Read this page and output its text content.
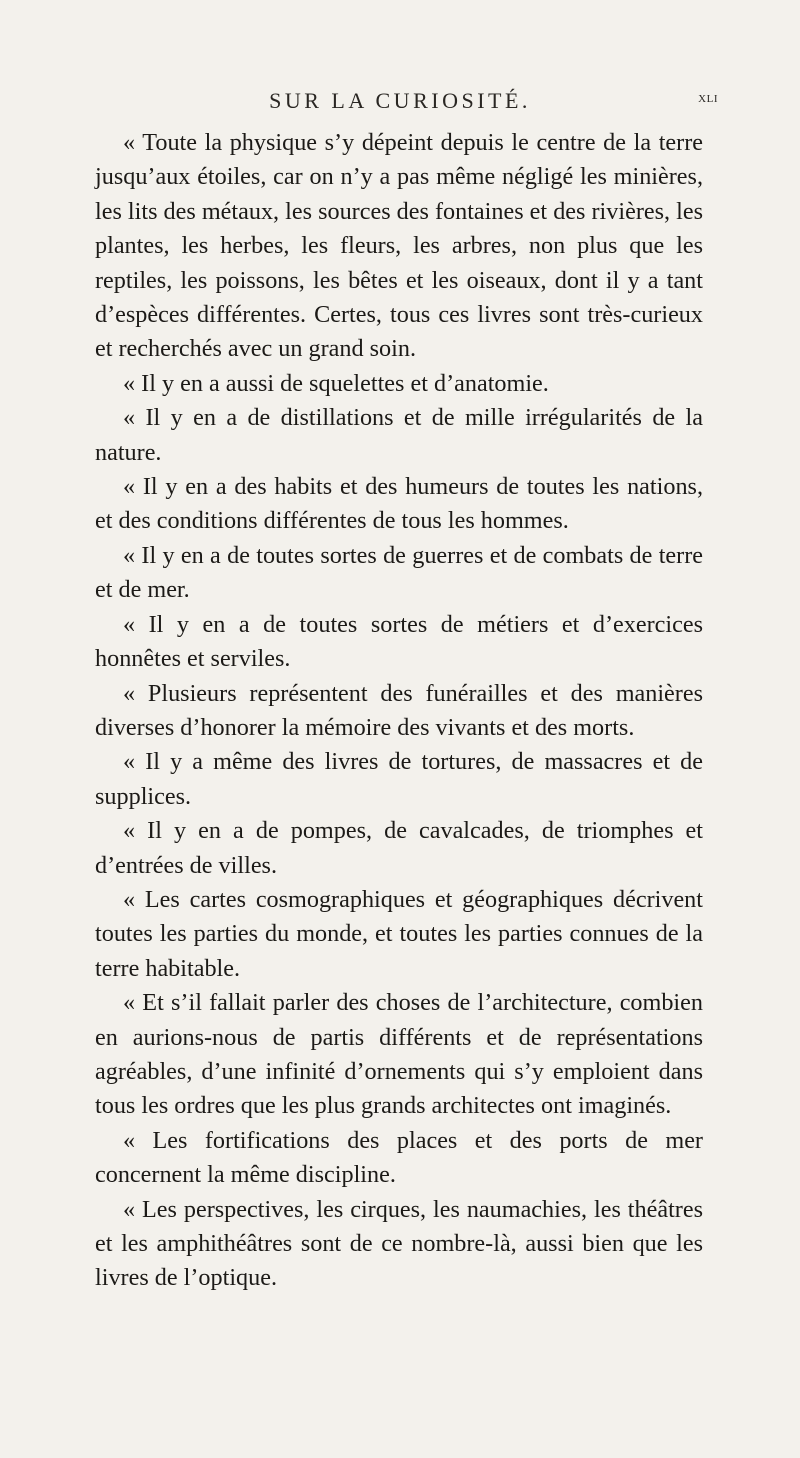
SUR LA CURIOSITÉ.	xli

« Toute la physique s’y dépeint depuis le centre de la terre jusqu’aux étoiles, car on n’y a pas même négligé les minières, les lits des métaux, les sources des fontaines et des rivières, les plantes, les herbes, les fleurs, les arbres, non plus que les reptiles, les poissons, les bêtes et les oiseaux, dont il y a tant d’espèces différentes. Certes, tous ces livres sont très-curieux et recherchés avec un grand soin.

« Il y en a aussi de squelettes et d’anatomie.

« Il y en a de distillations et de mille irrégularités de la nature.

« Il y en a des habits et des humeurs de toutes les nations, et des conditions différentes de tous les hommes.

« Il y en a de toutes sortes de guerres et de combats de terre et de mer.

« Il y en a de toutes sortes de métiers et d’exercices honnêtes et serviles.

« Plusieurs représentent des funérailles et des manières diverses d’honorer la mémoire des vivants et des morts.

« Il y a même des livres de tortures, de massacres et de supplices.

« Il y en a de pompes, de cavalcades, de triomphes et d’entrées de villes.

« Les cartes cosmographiques et géographiques décrivent toutes les parties du monde, et toutes les parties connues de la terre habitable.

« Et s’il fallait parler des choses de l’architecture, combien en aurions-nous de partis différents et de représentations agréables, d’une infinité d’ornements qui s’y emploient dans tous les ordres que les plus grands architectes ont imaginés.

« Les fortifications des places et des ports de mer concernent la même discipline.

« Les perspectives, les cirques, les naumachies, les théâtres et les amphithéâtres sont de ce nombre-là, aussi bien que les livres de l’optique.
